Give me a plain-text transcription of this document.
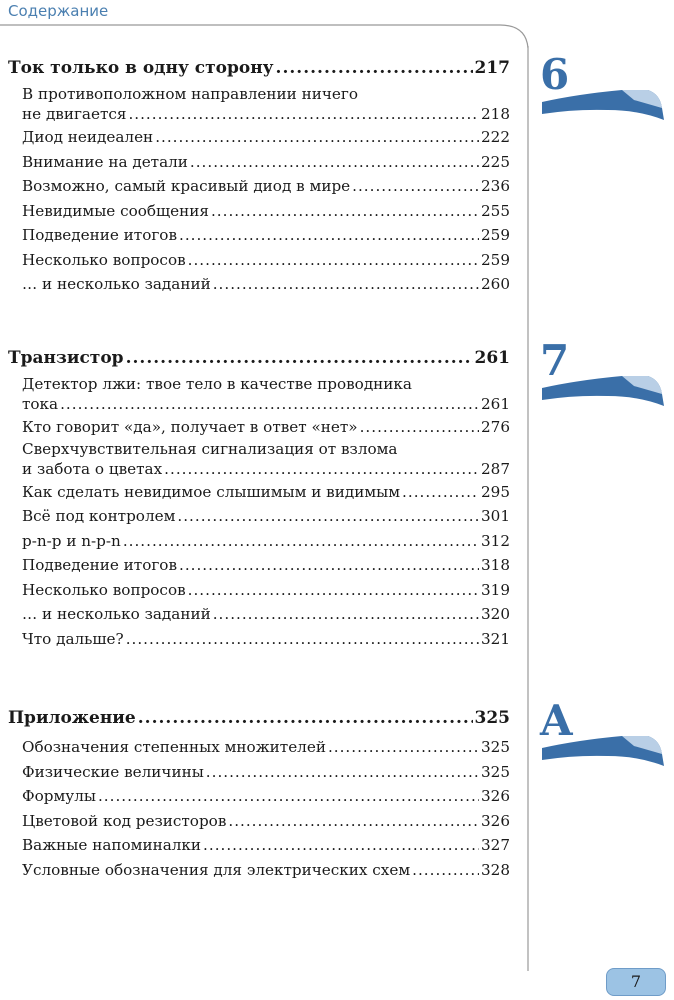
Содержание
Ток только в одну сторону .....	217
В противоположном направлении ничего
не двигается .....	218
Диод неидеален .....	222
Внимание на детали .....	225
Возможно, самый красивый диод в мире .....	236
Невидимые сообщения .....	255
Подведение итогов .....	259
Несколько вопросов .....	259
… и несколько заданий .....	260
Транзистор .....	261
Детектор лжи: твое тело в качестве проводника
тока .....	261
Кто говорит «да», получает в ответ «нет» .....	276
Сверхчувствительная сигнализация от взлома
и забота о цветах .....	287
Как сделать невидимое слышимым и видимым .....	295
Всё под контролем .....	301
p-n-p и n-p-n .....	312
Подведение итогов .....	318
Несколько вопросов .....	319
… и несколько заданий .....	320
Что дальше? .....	321
Приложение .....	325
Обозначения степенных множителей .....	325
Физические величины .....	325
Формулы .....	326
Цветовой код резисторов .....	326
Важные напоминалки .....	327
Условные обозначения для электрических схем .....	328
6
7
A
7
